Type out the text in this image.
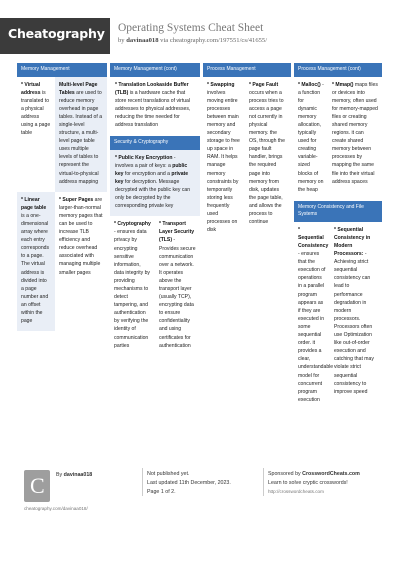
Cheatography Operating Systems Cheat Sheet
by davinaa018 via cheatography.com/197551/cs/41655/
Memory Management
* Virtual address is translated to a physical address using a page table
Multi-level Page Tables are used to reduce memory overhead in page tables. Instead of a single-level structure, a multi-level page table uses multiple levels of tables to represent the virtual-to-physical address mapping
* Linear page table is a one-dimensional array where each entry corresponds to a page. The virtual address is divided into a page number and an offset within the page
* Super Pages are larger-than-normal memory pages that can be used to increase TLB efficiency and reduce overhead associated with managing multiple smaller pages
Memory Management (cont)
* Translation Lookaside Buffer (TLB) is a hardware cache that store recent translations of virtual addresses to physical addresses, reducing the time needed for address translation
Security & Cryptography
* Public Key Encryption - involves a pair of keys: a public key for encryption and a private key for decryption. Message decrypted with the public key can only be decrypted by the corresponding private key
* Cryptography - ensures data privacy by encrypting sensitive information, data integrity by providing mechanisms to detect tampering, and authentication by verifying the identity of communication parties
* Transport Layer Security (TLS) - Provides secure communication over a network. It operates above the transport layer (usually TCP), encrypting data to ensure confidentiality and using certificates for authentication
Process Management
* Swapping involves moving entire processes between main memory and secondary storage to free up space in RAM. It helps manage memory constraints by temporarily storing less frequently used processes on disk
* Page Fault occurs when a process tries to access a page not currently in physical memory. the OS, through the page fault handler, brings the required page into memory from disk, updates the page table, and allows the process to continue
Process Management (cont)
* Malloc() - a function for dynamic memory allocation, typically used for creating variable-sized blocks of memory on the heap
* Mmap() maps files or devices into memory, often used for memory-mapped files or creating shared memory regions. it can create shared memory between processes by mapping the same file into their virtual address spaces
Memory Consistency and File Systems
* Sequential Consistency - ensures that the execution of operations in a parallel program appears as if they are executed in some sequential order. it provides a clear, understandable model for concurrent program execution
* Sequential Consistency in Modern Processors: - Achieving strict sequential consistency can lead to performance degradation in modern processors. Processors often use Optimization like out-of-order execution and catching that may violate strict sequential consistency to improve speed
C By davinaa018
cheatography.com/davinaa018/
Not published yet.
Last updated 11th December, 2023.
Page 1 of 2.
Sponsored by CrosswordCheats.com
Learn to solve cryptic crosswords!
http://crosswordcheats.com
